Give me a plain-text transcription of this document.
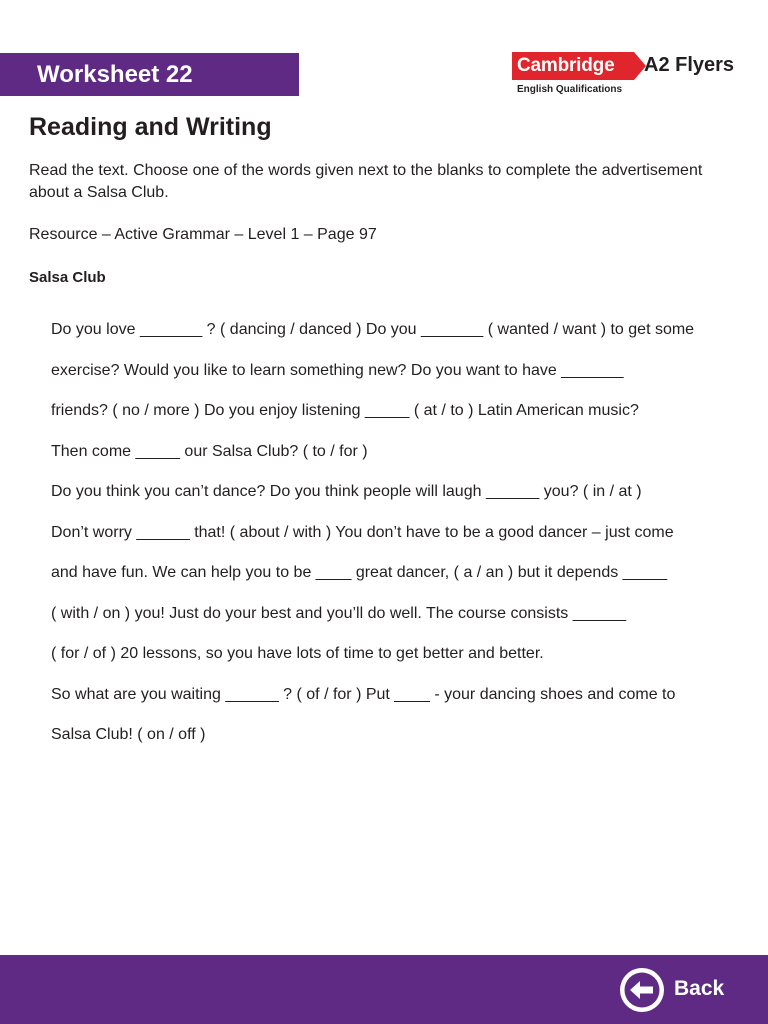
Worksheet 22	Cambridge
English Qualifications
A2 Flyers
Reading and Writing

Read the text. Choose one of the words given next to the blanks to complete the advertisement about a Salsa Club.

Resource – Active Grammar – Level 1 – Page 97

Salsa Club

Do you love _______ ? ( dancing / danced ) Do you _______ ( wanted / want ) to get some
exercise? Would you like to learn something new? Do you want to have _______
friends? ( no / more ) Do you enjoy listening _____ ( at / to ) Latin American music?
Then come _____ our Salsa Club? ( to / for )
Do you think you can’t dance? Do you think people will laugh ______ you? ( in / at )
Don’t worry ______ that! ( about / with ) You don’t have to be a good dancer – just come
and have fun. We can help you to be ____ great dancer, ( a / an ) but it depends _____
( with / on ) you! Just do your best and you’ll do well. The course consists ______
( for / of ) 20 lessons, so you have lots of time to get better and better.
So what are you waiting ______ ? ( of / for ) Put ____ - your dancing shoes and come to
Salsa Club! ( on / off )
Back
